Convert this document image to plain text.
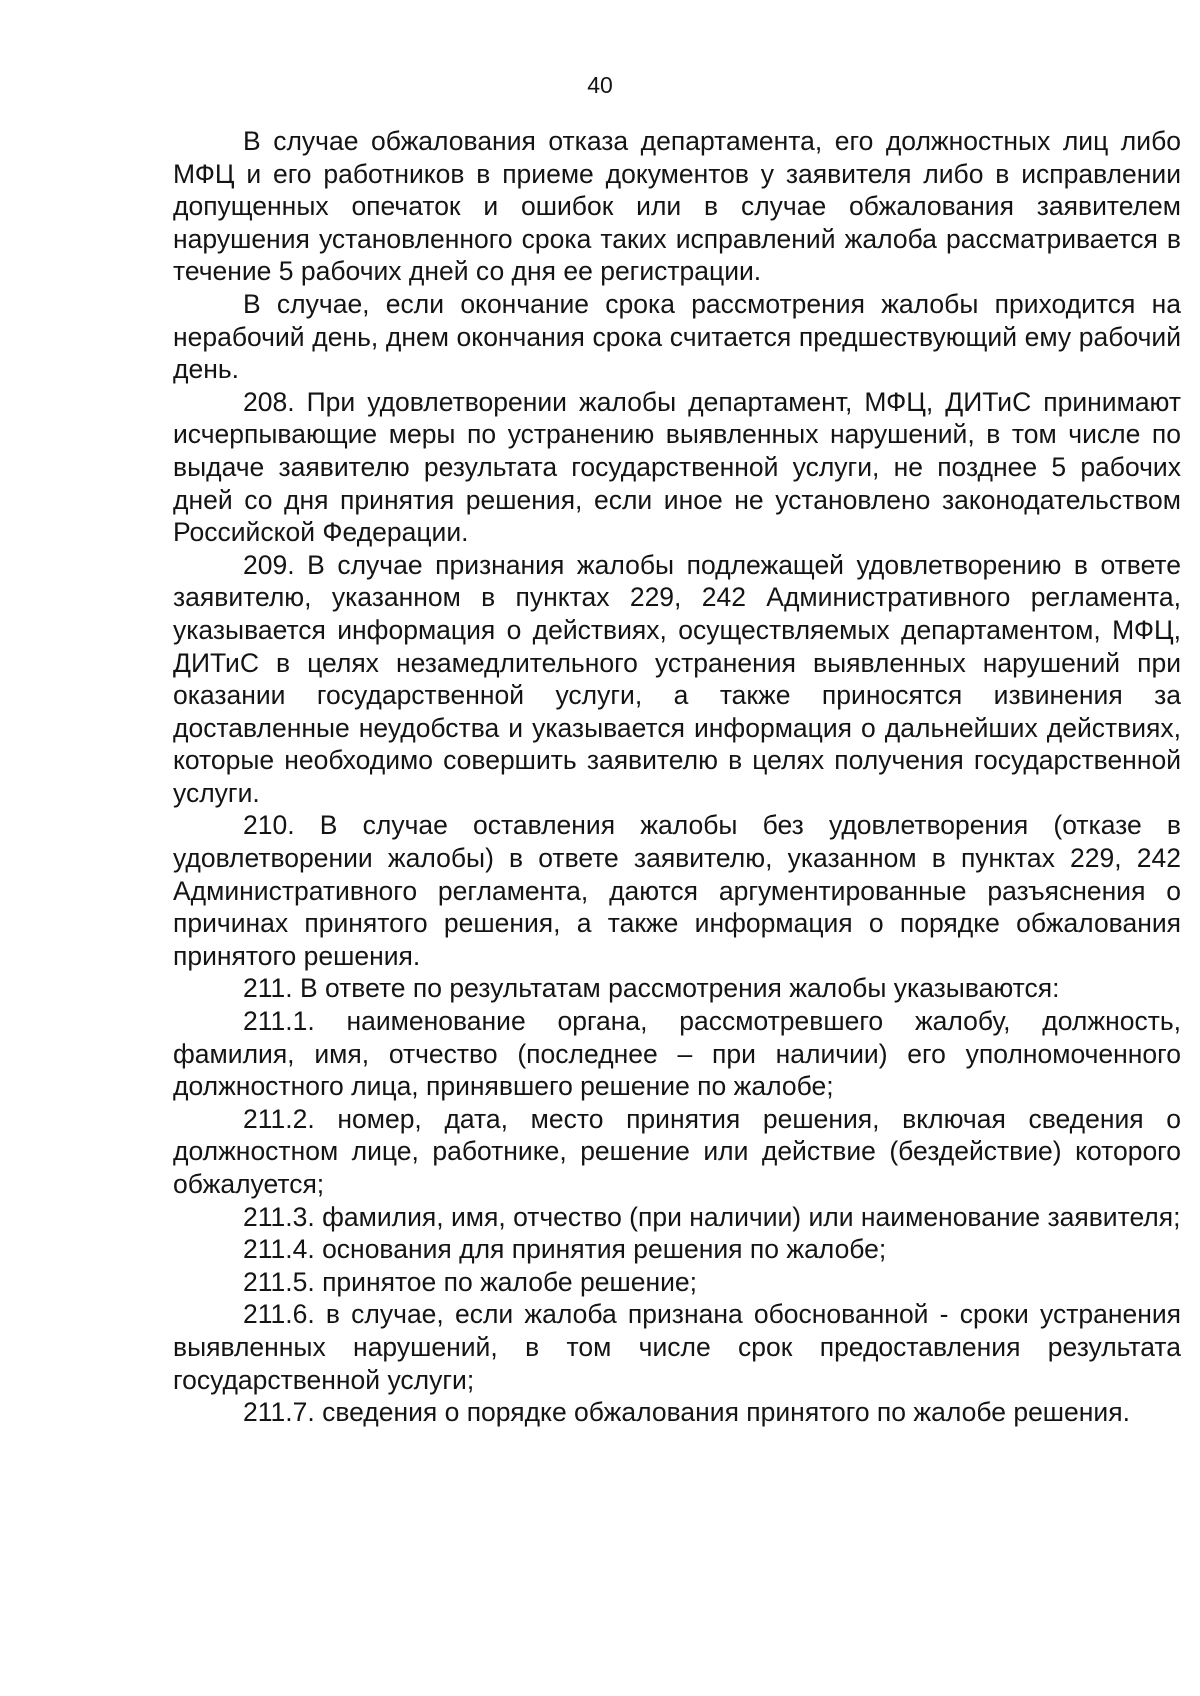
40

В случае обжалования отказа департамента, его должностных лиц либо МФЦ и его работников в приеме документов у заявителя либо в исправлении допущенных опечаток и ошибок или в случае обжалования заявителем нарушения установленного срока таких исправлений жалоба рассматривается в течение 5 рабочих дней со дня ее регистрации.

В случае, если окончание срока рассмотрения жалобы приходится на нерабочий день, днем окончания срока считается предшествующий ему рабочий день.

208. При удовлетворении жалобы департамент, МФЦ, ДИТиС принимают исчерпывающие меры по устранению выявленных нарушений, в том числе по выдаче заявителю результата государственной услуги, не позднее 5 рабочих дней со дня принятия решения, если иное не установлено законодательством Российской Федерации.

209. В случае признания жалобы подлежащей удовлетворению в ответе заявителю, указанном в пунктах 229, 242 Административного регламента, указывается информация о действиях, осуществляемых департаментом, МФЦ, ДИТиС в целях незамедлительного устранения выявленных нарушений при оказании государственной услуги, а также приносятся извинения за доставленные неудобства и указывается информация о дальнейших действиях, которые необходимо совершить заявителю в целях получения государственной услуги.

210. В случае оставления жалобы без удовлетворения (отказе в удовлетворении жалобы) в ответе заявителю, указанном в пунктах 229, 242 Административного регламента, даются аргументированные разъяснения о причинах принятого решения, а также информация о порядке обжалования принятого решения.

211. В ответе по результатам рассмотрения жалобы указываются:

211.1. наименование органа, рассмотревшего жалобу, должность, фамилия, имя, отчество (последнее – при наличии) его уполномоченного должностного лица, принявшего решение по жалобе;

211.2. номер, дата, место принятия решения, включая сведения о должностном лице, работнике, решение или действие (бездействие) которого обжалуется;

211.3. фамилия, имя, отчество (при наличии) или наименование заявителя;

211.4. основания для принятия решения по жалобе;

211.5. принятое по жалобе решение;

211.6. в случае, если жалоба признана обоснованной - сроки устранения выявленных нарушений, в том числе срок предоставления результата государственной услуги;

211.7. сведения о порядке обжалования принятого по жалобе решения.
